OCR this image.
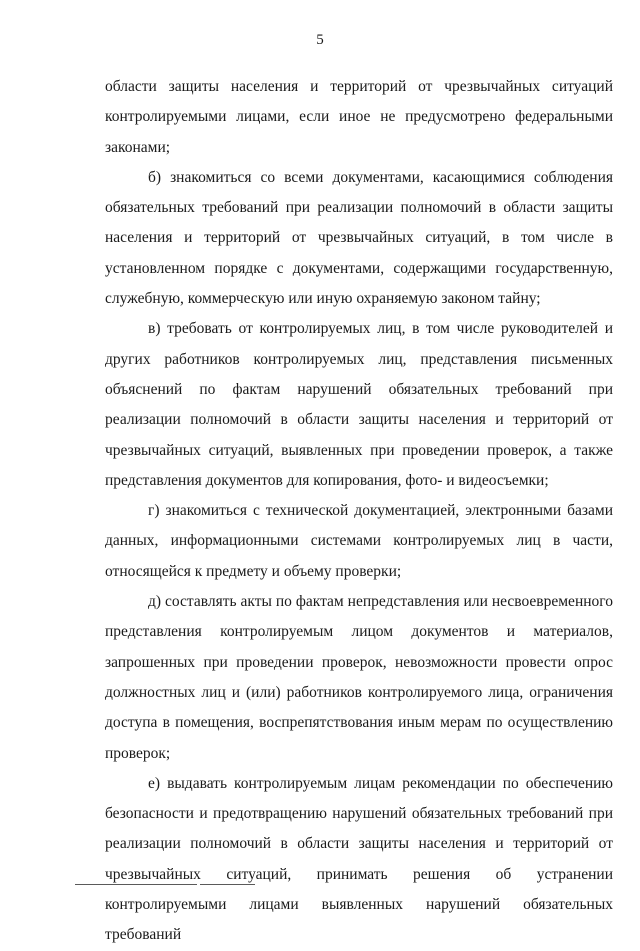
5

области защиты населения и территорий от чрезвычайных ситуаций контролируемыми лицами, если иное не предусмотрено федеральными законами;

б) знакомиться со всеми документами, касающимися соблюдения обязательных требований при реализации полномочий в области защиты населения и территорий от чрезвычайных ситуаций, в том числе в установленном порядке с документами, содержащими государственную, служебную, коммерческую или иную охраняемую законом тайну;

в) требовать от контролируемых лиц, в том числе руководителей и других работников контролируемых лиц, представления письменных объяснений по фактам нарушений обязательных требований при реализации полномочий в области защиты населения и территорий от чрезвычайных ситуаций, выявленных при проведении проверок, а также представления документов для копирования, фото- и видеосъемки;

г) знакомиться с технической документацией, электронными базами данных, информационными системами контролируемых лиц в части, относящейся к предмету и объему проверки;

д) составлять акты по фактам непредставления или несвоевременного представления контролируемым лицом документов и материалов, запрошенных при проведении проверок, невозможности провести опрос должностных лиц и (или) работников контролируемого лица, ограничения доступа в помещения, воспрепятствования иным мерам по осуществлению проверок;

е) выдавать контролируемым лицам рекомендации по обеспечению безопасности и предотвращению нарушений обязательных требований при реализации полномочий в области защиты населения и территорий от чрезвычайных ситуаций, принимать решения об устранении контролируемыми лицами выявленных нарушений обязательных требований
